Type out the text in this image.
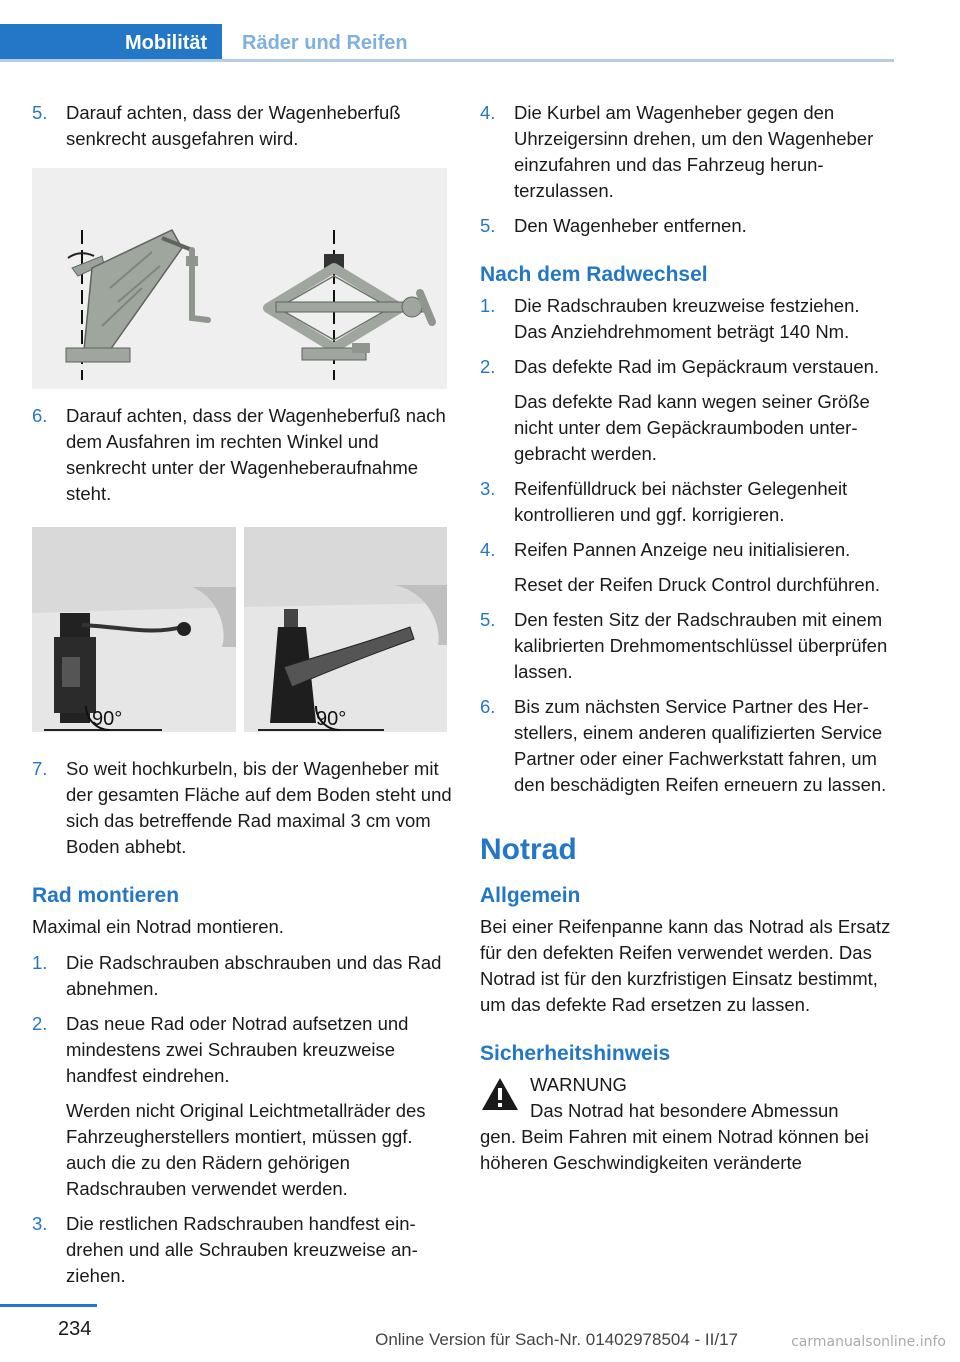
Mobilität	Räder und Reifen
5. Darauf achten, dass der Wagenheberfuß senkrecht ausgefahren wird.

6. Darauf achten, dass der Wagenheberfuß nach dem Ausfahren im rechten Winkel und senkrecht unter der Wagenheberaufnahme steht.

90°	90°
7. So weit hochkurbeln, bis der Wagenheber mit der gesamten Fläche auf dem Boden steht und sich das betreffende Rad maximal 3 cm vom Boden abhebt.

Rad montieren
Maximal ein Notrad montieren.
1. Die Radschrauben abschrauben und das Rad abnehmen.

2. Das neue Rad oder Notrad aufsetzen und mindestens zwei Schrauben kreuzweise handfest eindrehen.

Werden nicht Original Leichtmetallräder des Fahrzeugherstellers montiert, müssen ggf. auch die zu den Rädern gehörigen Radschrauben verwendet werden.

3. Die restlichen Radschrauben handfest eindrehen und alle Schrauben kreuzweise anziehen.

4. Die Kurbel am Wagenheber gegen den Uhrzeigersinn drehen, um den Wagenheber einzufahren und das Fahrzeug herunterzulassen.

5. Den Wagenheber entfernen.

Nach dem Radwechsel
1. Die Radschrauben kreuzweise festziehen. Das Anziehdrehmoment beträgt 140 Nm.

2. Das defekte Rad im Gepäckraum verstauen.

Das defekte Rad kann wegen seiner Größe nicht unter dem Gepäckraumboden untergebracht werden.

3. Reifenfülldruck bei nächster Gelegenheit kontrollieren und ggf. korrigieren.

4. Reifen Pannen Anzeige neu initialisieren.

Reset der Reifen Druck Control durchführen.

5. Den festen Sitz der Radschrauben mit einem kalibrierten Drehmomentschlüssel überprüfen lassen.

6. Bis zum nächsten Service Partner des Herstellers, einem anderen qualifizierten Service Partner oder einer Fachwerkstatt fahren, um den beschädigten Reifen erneuern zu lassen.

Notrad
Allgemein
Bei einer Reifenpanne kann das Notrad als Ersatz für den defekten Reifen verwendet werden. Das Notrad ist für den kurzfristigen Einsatz bestimmt, um das defekte Rad ersetzen zu lassen.
Sicherheitshinweis
WARNUNG
Das Notrad hat besondere Abmessun
gen. Beim Fahren mit einem Notrad können bei höheren Geschwindigkeiten veränderte
234	Online Version für Sach-Nr. 01402978504 - II/17	carmanualsonline.info
